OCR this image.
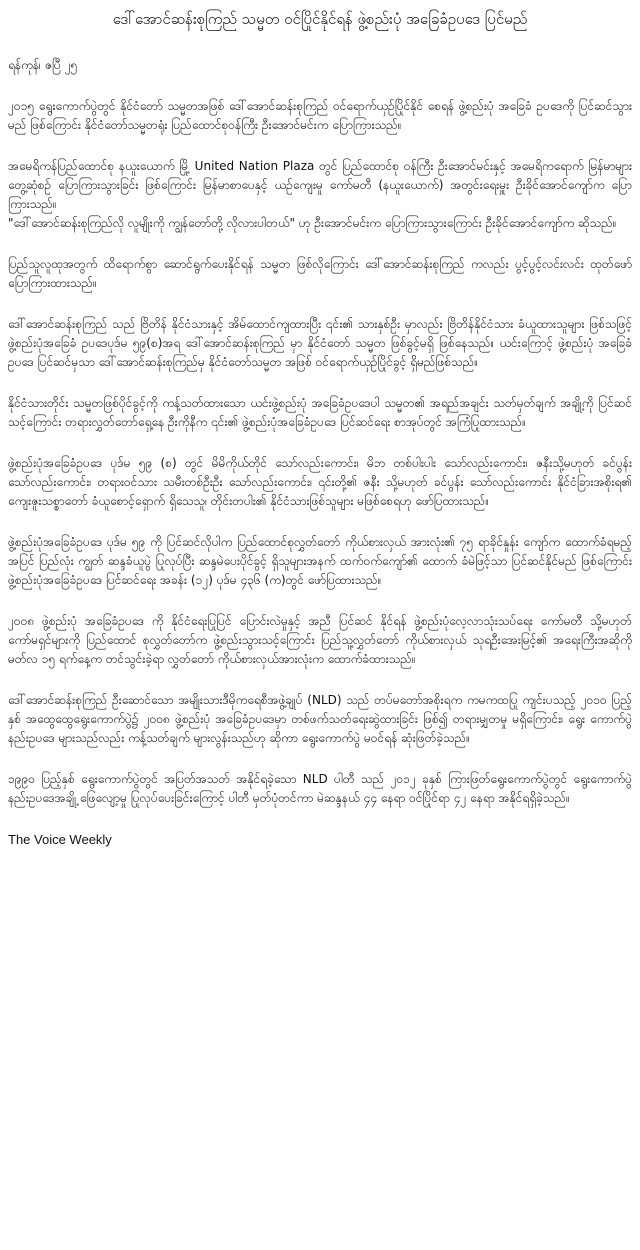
ဒေါ်အောင်ဆန်းစုကြည် သမ္မတ ဝင်ပြိုင်နိုင်ရန် ဖွဲ့စည်းပုံ အခြေခံဥပဒေ ပြင်မည်

ရန်ကုန်၊ ဇပြီ ၂၅

၂၀၁၅ ရွေးကောက်ပွဲတွင် နိုင်ငံတော် သမ္မတအဖြစ် ဒေါ်အောင်ဆန်းစုကြည် ဝင်ရောက်ယှဉ်ပြိုင်နိုင် စေရန် ဖွဲ့စည်းပုံ အခြေခံ ဥပဒေကို ပြင်ဆင်သွားမည် ဖြစ်ကြောင်း နိုင်ငံတော်သမ္မတရုံး ပြည်ထောင်စုဝန်ကြီး ဦးအောင်မင်းက ပြောကြားသည်။

အမေရိကန်ပြည်ထောင်စု နယူးယောက် မြို့ United Nation Plaza တွင် ပြည်ထောင်စု ဝန်ကြီး ဦးအောင်မင်းနှင့် အမေရိကရောက် မြန်မာများ တွေ့ဆုံစဉ် ပြောကြားသွားခြင်း ဖြစ်ကြောင်း မြန်မာစာပေနှင့် ယဉ်ကျေးမှု ကော်မတီ (နယူးယောက်) အတွင်းရေးမှူး ဦးခိုင်အောင်ကျော်က ပြောကြားသည်။

"ဒေါ်အောင်ဆန်းစုကြည်လို လူမျိုးကို ကျွန်တော်တို့ လိုလားပါတယ်" ဟု ဦးအောင်မင်းက ပြောကြားသွားကြောင်း ဦးခိုင်အောင်ကျော်က ဆိုသည်။

ပြည်သူလူထုအတွက် ထိရောက်စွာ ဆောင်ရွက်ပေးနိုင်ရန် သမ္မတ ဖြစ်လိုကြောင်း ဒေါ်အောင်ဆန်းစုကြည် ကလည်း ပွင့်ပွင့်လင်းလင်း ထုတ်ဖော် ပြောကြားထားသည်။

ဒေါ်အောင်ဆန်းစုကြည် သည် ဗြိတိန် နိုင်ငံသားနှင့် အိမ်ထောင်ကျထားပြီး ၎င်း၏ သားနှစ်ဦး မှာလည်း ဗြိတိန်နိုင်ငံသား ခံယူထားသူများ ဖြစ်သဖြင့် ဖွဲ့စည်းပုံအခြေခံ ဥပဒေပုဒ်မ ၅၉(စ)အရ ဒေါ်အောင်ဆန်းစုကြည် မှာ နိုင်ငံတော် သမ္မတ ဖြစ်ခွင့်မရှိ ဖြစ်နေသည်။ ယင်းကြောင့် ဖွဲ့စည်းပုံ အခြေခံဥပဒေ ပြင်ဆင်မှသာ ဒေါ်အောင်ဆန်းစုကြည်မှ နိုင်ငံတော်သမ္မတ အဖြစ် ဝင်ရောက်ယှဉ်ပြိုင်ခွင့် ရှိမည်ဖြစ်သည်။

နိုင်ငံသားတိုင်း သမ္မတဖြစ်ပိုင်ခွင့်ကို ကန့်သတ်ထားသော ယင်းဖွဲ့စည်းပုံ အခြေခံဥပဒေပါ သမ္မတ၏ အရည်အချင်း သတ်မှတ်ချက် အချို့ကို ပြင်ဆင်သင့်ကြောင်း တရားလွှတ်တော်ရှေ့နေ ဦးကိုနီက ၎င်း၏ ဖွဲ့စည်းပုံအခြေခံဥပဒေ ပြင်ဆင်ရေး စာအုပ်တွင် အကြံပြုထားသည်။

ဖွဲ့စည်းပုံအခြေခံဥပဒေ ပုဒ်မ ၅၉ (စ) တွင် မိမိကိုယ်တိုင် သော်လည်းကောင်း၊ မိဘ တစ်ပါးပါး သော်လည်းကောင်း၊ ဇနီးသို့မဟုတ် ခင်ပွန်း သော်လည်းကောင်း၊ တရားဝင်သား သမီးတစ်ဦးဦး သော်လည်းကောင်း၊ ၎င်းတို့၏ ဇနီး သို့မဟုတ် ခင်ပွန်း သော်လည်းကောင်း နိုင်ငံခြားအစိုးရ၏ ကျေးဇူးသစ္စာတော် ခံယူစောင့်ရှောက် ရှိသေသူ၊ တိုင်းတပါး၏ နိုင်ငံသားဖြစ်သူများ မဖြစ်စေရဟု ဖော်ပြထားသည်။

ဖွဲ့စည်းပုံအခြေခံဥပဒေ ပုဒ်မ ၅၉ ကို ပြင်ဆင်လိုပါက ပြည်ထောင်စုလွှတ်တော် ကိုယ်စားလှယ် အားလုံး၏ ၇၅ ရာခိုင်နှုန်း ကျော်က ထောက်ခံရမည့် အပြင် ပြည်လုံး ကျွတ် ဆန္ဒခံယူပွဲ ပြုလုပ်ပြီး ဆန္ဒမဲပေးပိုင်ခွင့် ရှိသူများအနက် ထက်ဝက်ကျော်၏ ထောက် ခံမဲဖြင့်သာ ပြင်ဆင်နိုင်မည် ဖြစ်ကြောင်း ဖွဲ့စည်းပုံအခြေခံဥပဒေ ပြင်ဆင်ရေး အခန်း (၁၂) ပုဒ်မ ၄၃၆ (က)တွင် ဖော်ပြထားသည်။

၂၀၀၈ ဖွဲ့စည်းပုံ အခြေခံဥပဒေ ကို နိုင်ငံရေးပြုပြင် ပြောင်းလဲမှုနှင့် အညီ ပြင်ဆင် နိုင်ရန် ဖွဲ့စည်းပုံလေ့လာသုံးသပ်ရေး ကော်မတီ သို့မဟုတ် ကော်မရှင်များကို ပြည်ထောင် စုလွှတ်တော်က ဖွဲ့စည်းသွားသင့်ကြောင်း ပြည်သူ့လွှတ်တော် ကိုယ်စားလှယ် သုရဦးအေးမြင့်၏ အရေးကြီးအဆိုကို မတ်လ ၁၅ ရက်နေ့က တင်သွင်းခဲ့ရာ လွှတ်တော် ကိုယ်စားလှယ်အားလုံးက ထောက်ခံထားသည်။

ဒေါ်အောင်ဆန်းစုကြည် ဦးဆောင်သော အမျိုးသားဒီမိုကရေစီအဖွဲ့ချုပ် (NLD) သည် တပ်မတော်အစိုးရက ကမကထပြု ကျင်းပသည့် ၂၀၁၀ ပြည့်နှစ် အထွေထွေရွေးကောက်ပွဲ၌ ၂၀၀၈ ဖွဲ့စည်းပုံ အခြေခံဥပဒေမှာ တစ်ဖက်သတ်ရေးဆွဲထားခြင်း ဖြစ်၍ တရားမျှတမှု မရှိကြောင်း၊ ရွေး ကောက်ပွဲနည်းဥပဒေ များသည်လည်း ကန့်သတ်ချက် များလွန်းသည်ဟု ဆိုကာ ရွေးကောက်ပွဲ မဝင်ရန် ဆုံးဖြတ်ခဲ့သည်။

၁၉၉၀ ပြည့်နှစ် ရွေးကောက်ပွဲတွင် အပြတ်အသတ် အနိုင်ရခဲ့သော NLD ပါတီ သည် ၂၀၁၂ ခုနှစ် ကြားဖြတ်ရွေးကောက်ပွဲတွင် ရွေးကောက်ပွဲနည်းဥပဒေအချို့ ဖြေလျော့မှု ပြုလုပ်ပေးခြင်းကြောင့် ပါတီ မှတ်ပုံတင်ကာ မဲဆန္ဒနယ် ၄၄ နေရာ ဝင်ပြိုင်ရာ ၄၂ နေရာ အနိုင်ရရှိခဲ့သည်။

The Voice Weekly
